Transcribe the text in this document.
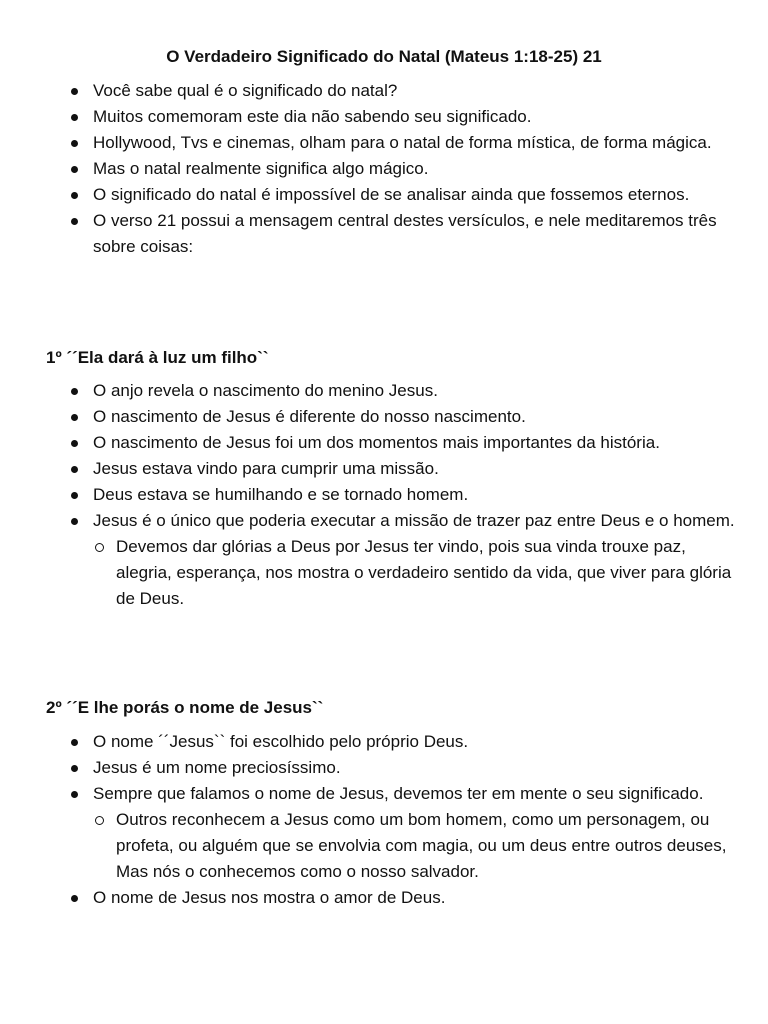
O Verdadeiro Significado do Natal (Mateus 1:18-25) 21
Você sabe qual é o significado do natal?
Muitos comemoram este dia não sabendo seu significado.
Hollywood, Tvs e cinemas, olham para o natal de forma mística, de forma mágica.
Mas o natal realmente significa algo mágico.
O significado do natal é impossível de se analisar ainda que fossemos eternos.
O verso 21 possui a mensagem central destes versículos, e nele meditaremos três sobre coisas:
1º ´´Ela dará à luz um filho``
O anjo revela o nascimento do menino Jesus.
O nascimento de Jesus é diferente do nosso nascimento.
O nascimento de Jesus foi um dos momentos mais importantes da história.
Jesus estava vindo para cumprir uma missão.
Deus estava se humilhando e se tornado homem.
Jesus é o único que poderia executar a missão de trazer paz entre Deus e o homem.
Devemos dar glórias a Deus por Jesus ter vindo, pois sua vinda trouxe paz, alegria, esperança, nos mostra o verdadeiro sentido da vida, que viver para glória de Deus.
2º ´´E lhe porás o nome de Jesus``
O nome ´´Jesus`` foi escolhido pelo próprio Deus.
Jesus é um nome preciosíssimo.
Sempre que falamos o nome de Jesus, devemos ter em mente o seu significado.
Outros reconhecem a Jesus como um bom homem, como um personagem, ou profeta, ou alguém que se envolvia com magia, ou um deus entre outros deuses, Mas nós o conhecemos como o nosso salvador.
O nome de Jesus nos mostra o amor de Deus.
